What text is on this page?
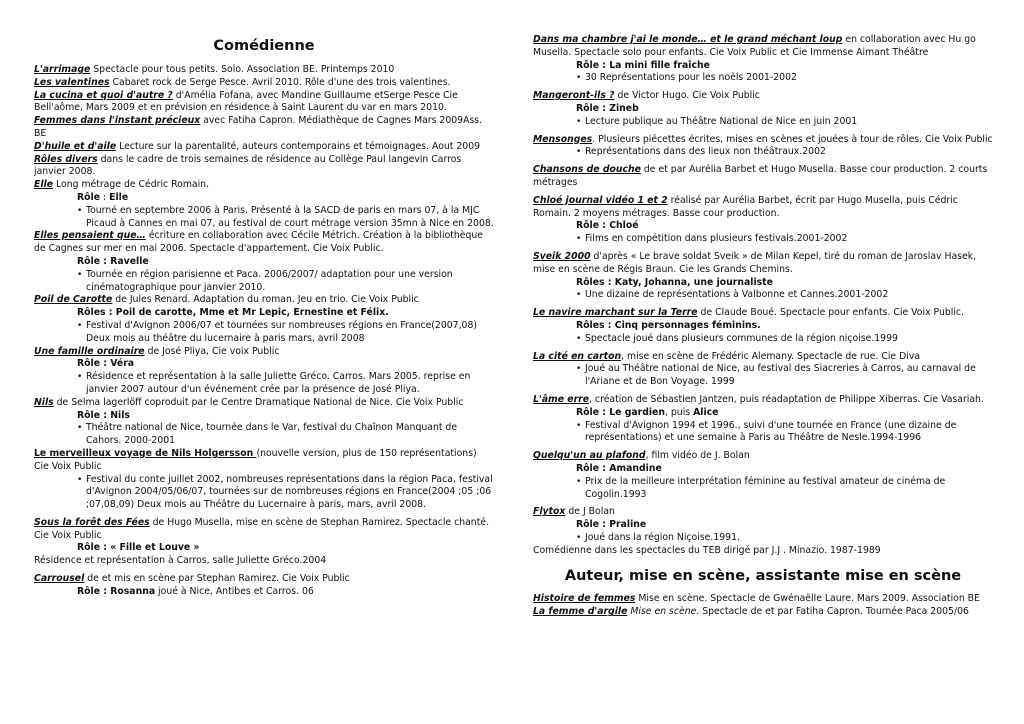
Comédienne

L'arrimage Spectacle pour tous petits. Solo. Association BE. Printemps 2010

Les valentines Cabaret rock de Serge Pesce. Avril 2010. Rôle d'une des trois valentines.

La cucina et quoi d'autre ? d'Amélia Fofana, avec Mandine Guillaume etSerge Pesce Cie Bell'aôme, Mars 2009 et en prévision en résidence à Saint Laurent du var en mars 2010.

Femmes dans l'instant précieux avec Fatiha Capron. Médiathèque de Cagnes Mars 2009Ass. BE

D'huile et d'aile Lecture sur la parentalité, auteurs contemporains et témoignages. Aout 2009

Rôles divers dans le cadre de trois semaines de résidence au Collège Paul langevin Carros janvier 2008.

Elle Long métrage de Cédric Romain.

Rôle : Elle
• Tourné en septembre 2006 à Paris. Présenté à la SACD de paris en mars 07, à la MJC Picaud à Cannes en mai 07, au festival de court métrage version 35mn à Nice en 2008.

Elles pensaient que… écriture en collaboration avec Cécile Métrich. Création à la bibliothèque de Cagnes sur mer en mai 2006. Spectacle d'appartement. Cie Voix Public.

Rôle : Ravelle
• Tournée en région parisienne et Paca. 2006/2007/ adaptation pour une version cinématographique pour janvier 2010.

Poil de Carotte de Jules Renard. Adaptation du roman. Jeu en trio. Cie Voix Public

Rôles : Poil de carotte, Mme et Mr Lepic, Ernestine et Félix.
• Festival d'Avignon 2006/07 et tournées sur nombreuses régions en France(2007,08) Deux mois au théâtre du lucernaire à paris mars, avril 2008

Une famille ordinaire de José Pliya, Cie voix Public

Rôle : Véra
• Résidence et représentation à la salle Juliette Gréco. Carros. Mars 2005. reprise en janvier 2007 autour d'un événement crée par la présence de José Pliya.

Nils de Selma lagerlöff coproduit par le Centre Dramatique National de Nice. Cie Voix Public

Rôle : Nils
• Théâtre national de Nice, tournée dans le Var, festival du Chaînon Manquant de Cahors. 2000-2001

Le merveilleux voyage de Nils Holgersson (nouvelle version, plus de 150 représentations) Cie Voix Public

• Festival du conte juillet 2002, nombreuses représentations dans la région Paca, festival d'Avignon 2004/05/06/07, tournées sur de nombreuses régions en France(2004 ;05 ;06 ;07,08,09) Deux mois au Théâtre du Lucernaire à paris, mars, avril 2008.

Sous la forêt des Fées de Hugo Musella, mise en scène de Stephan Ramirez. Spectacle chanté. Cie Voix Public

Rôle : « Fille et Louve »

Résidence et représentation à Carros, salle Juliette Gréco.2004

Carrousel de et mis en scène par Stephan Ramirez. Cie Voix Public

Rôle : Rosanna joué à Nice, Antibes et Carros. 06

Dans ma chambre j'ai le monde… et le grand méchant loup en collaboration avec Hu go Musella. Spectacle solo pour enfants. Cie Voix Public et Cie Immense Aimant Théâtre

Rôle : La mini fille fraîche
• 30 Représentations pour les noëls 2001-2002

Mangeront-ils ? de Victor Hugo. Cie Voix Public

Rôle : Zineb
• Lecture publique au Théâtre National de Nice en juin 2001

Mensonges. Plusieurs piécettes écrites, mises en scènes et jouées à tour de rôles. Cie Voix Public

• Représentations dans des lieux non théâtraux.2002

Chansons de douche de et par Aurélia Barbet et Hugo Musella. Basse cour production. 2 courts métrages

Chloé journal vidéo 1 et 2 réalisé par Aurélia Barbet, écrit par Hugo Musella, puis Cédric Romain. 2 moyens métrages. Basse cour production.

Rôle : Chloé
• Films en compétition dans plusieurs festivals.2001-2002

Sveik 2000 d'après « Le brave soldat Sveik » de Milan Kepel, tiré du roman de Jaroslav Hasek, mise en scène de Régis Braun. Cie les Grands Chemins.

Rôles : Katy, Johanna, une journaliste
• Une dizaine de représentations à Valbonne et Cannes.2001-2002

Le navire marchant sur la Terre de Claude Boué. Spectacle pour enfants. Cie Voix Public.

Rôles : Cinq personnages féminins.
• Spectacle joué dans plusieurs communes de la région niçoise.1999

La cité en carton, mise en scène de Frédéric Alemany. Spectacle de rue. Cie Diva

• Joué au Théâtre national de Nice, au festival des Siacreries à Carros, au carnaval de l'Ariane et de Bon Voyage. 1999

L'âme erre, création de Sébastien Jantzen, puis réadaptation de Philippe Xiberras. Cie Vasariah.

Rôle : Le gardien, puis Alice
• Festival d'Avignon 1994 et 1996., suivi d'une tournée en France (une dizaine de représentations) et une semaine à Paris au Théâtre de Nesle.1994-1996

Quelqu'un au plafond, film vidéo de J. Bolan

Rôle : Amandine
• Prix de la meilleure interprétation féminine au festival amateur de cinéma de Cogolin.1993

Flytox de J Bolan

Rôle : Praline
• Joué dans la région Niçoise.1991.

Comédienne dans les spectacles du TEB dirigé par J.J . Minazio. 1987-1989

Auteur, mise en scène, assistante mise en scène

Histoire de femmes Mise en scène. Spectacle de Gwénaëlle Laure. Mars 2009. Association BE

La femme d'argile Mise en scène. Spectacle de et par Fatiha Capron. Tournée Paca 2005/06
